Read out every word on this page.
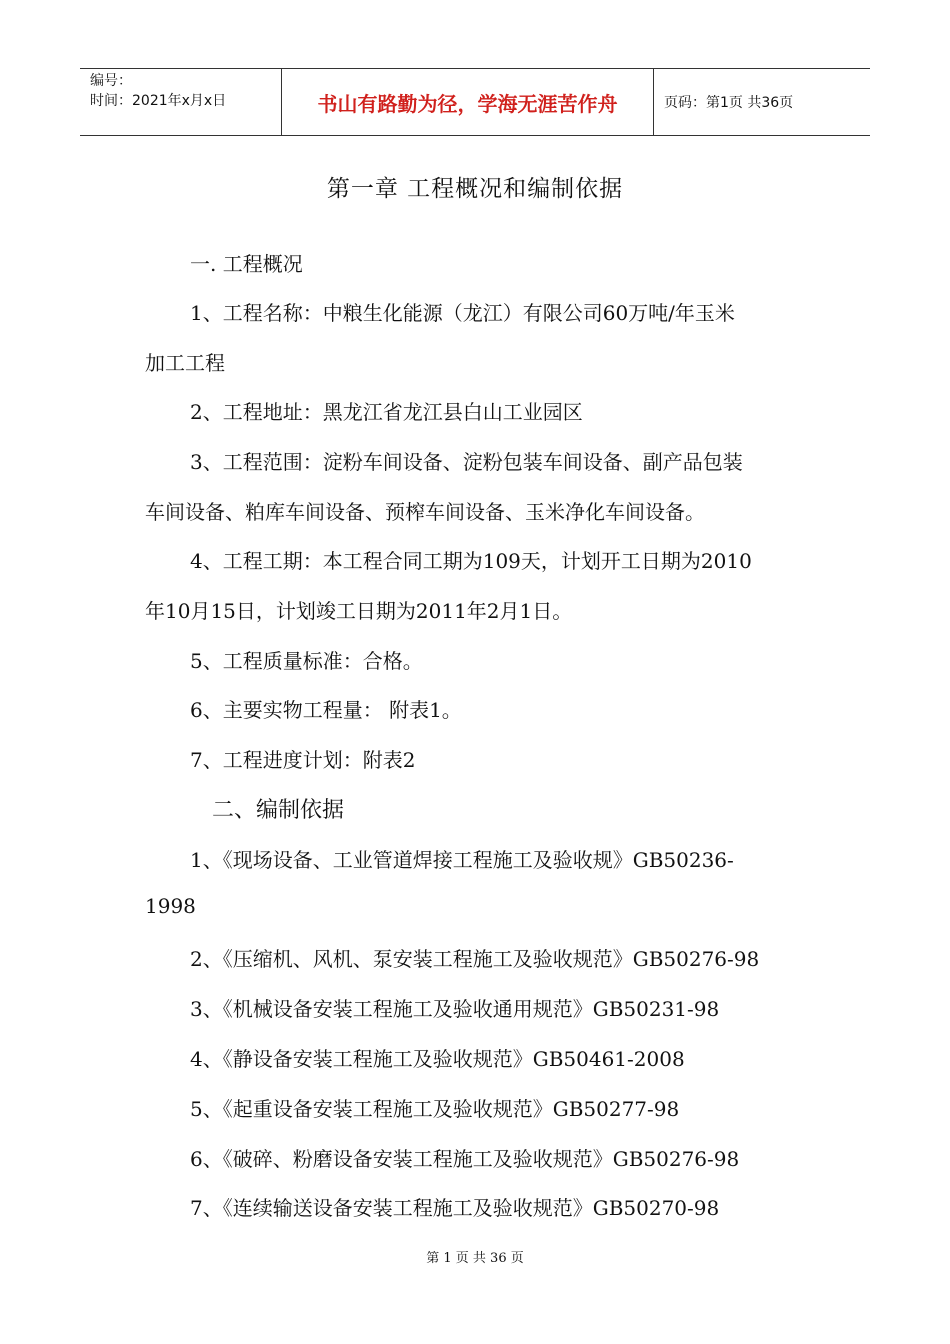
编号：
时间：2021年x月x日	书山有路勤为径，学海无涯苦作舟	页码：第1页 共36页
第一章 工程概况和编制依据
一. 工程概况
1、工程名称：中粮生化能源（龙江）有限公司60万吨/年玉米
加工工程
2、工程地址：黑龙江省龙江县白山工业园区
3、工程范围：淀粉车间设备、淀粉包装车间设备、副产品包装
车间设备、粕库车间设备、预榨车间设备、玉米净化车间设备。
4、工程工期：本工程合同工期为109天，计划开工日期为2010
年10月15日，计划竣工日期为2011年2月1日。
5、工程质量标准：合格。
6、主要实物工程量： 附表1。
7、工程进度计划：附表2
二、编制依据
1、《现场设备、工业管道焊接工程施工及验收规》GB50236-
1998
2、《压缩机、风机、泵安装工程施工及验收规范》GB50276-98
3、《机械设备安装工程施工及验收通用规范》GB50231-98
4、《静设备安装工程施工及验收规范》GB50461-2008
5、《起重设备安装工程施工及验收规范》GB50277-98
6、《破碎、粉磨设备安装工程施工及验收规范》GB50276-98
7、《连续输送设备安装工程施工及验收规范》GB50270-98
第 1 页 共 36 页
